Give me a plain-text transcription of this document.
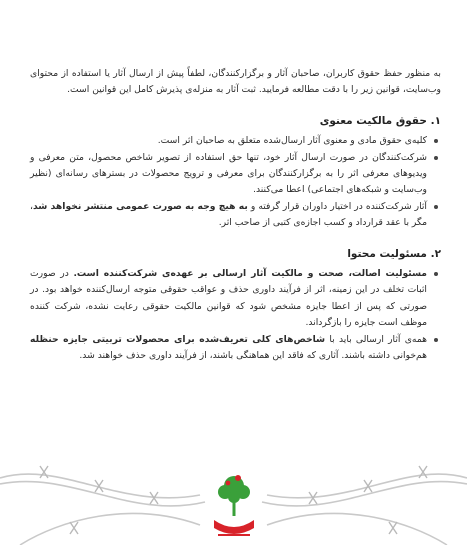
به منظور حفظ حقوق کاربران، صاحبان آثار و برگزارکنندگان، لطفاً پیش از ارسال آثار یا استفاده از محتوای وب‌سایت، قوانین زیر را با دقت مطالعه فرمایید. ثبت آثار به منزله‌ی پذیرش کامل این قوانین است.

۱. حقوق مالکیت معنوی
کلیه‌ی حقوق مادی و معنوی آثار ارسال‌شده متعلق به صاحبان اثر است.
شرکت‌کنندگان در صورت ارسال آثار خود، تنها حق استفاده از تصویر شاخص محصول، متن معرفی و ویدیوهای معرفی اثر را به برگزارکنندگان برای معرفی و ترویج محصولات در بسترهای رسانه‌ای (نظیر وب‌سایت و شبکه‌های اجتماعی) اعطا می‌کنند.
آثار شرکت‌کننده در اختیار داوران قرار گرفته و به هیچ وجه به صورت عمومی منتشر نخواهد شد، مگر با عقد قرارداد و کسب اجازه‌ی کتبی از صاحب اثر.
۲. مسئولیت محتوا
مسئولیت اصالت، صحت و مالکیت آثار ارسالی بر عهده‌ی شرکت‌کننده است. در صورت اثبات تخلف در این زمینه، اثر از فرآیند داوری حذف و عواقب حقوقی متوجه ارسال‌کننده خواهد بود. در صورتی که پس از اعطا جایزه مشخص شود که قوانین مالکیت حقوقی رعایت نشده، شرکت کننده موظف است جایزه را بازگرداند.
همه‌ی آثار ارسالی باید با شاخص‌های کلی تعریف‌شده برای محصولات تربیتی جایزه حنظله هم‌خوانی داشته باشند. آثاری که فاقد این هماهنگی باشند، از فرآیند داوری حذف خواهند شد.
